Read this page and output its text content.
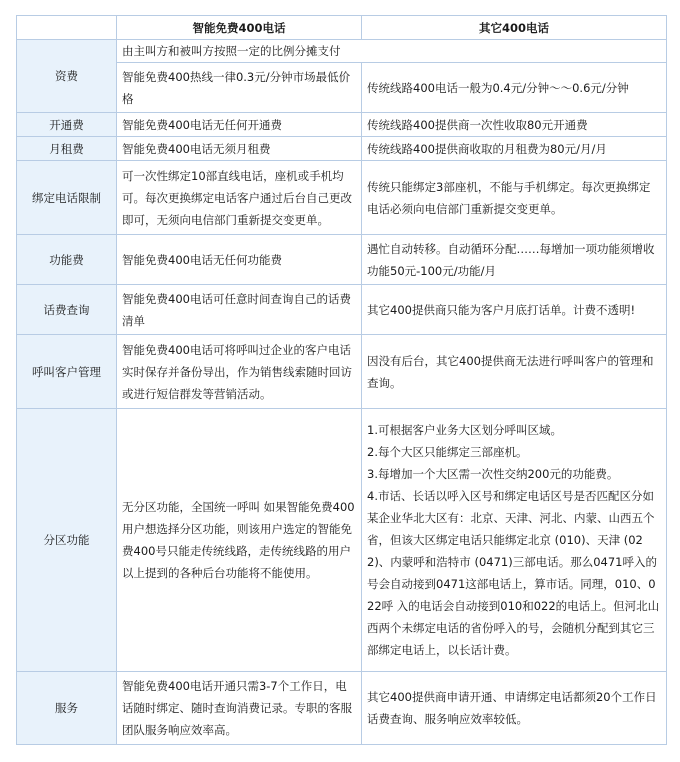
	智能免费400电话	其它400电话
资费	由主叫方和被叫方按照一定的比例分摊支付	
	智能免费400热线一律0.3元/分钟市场最低价格	传统线路400电话一般为0.4元/分钟～～0.6元/分钟
开通费	智能免费400电话无任何开通费	传统线路400提供商一次性收取80元开通费
月租费	智能免费400电话无须月租费	传统线路400提供商收取的月租费为80元/月/月
绑定电话限制	可一次性绑定10部直线电话，座机或手机均可。每次更换绑定电话客户通过后台自己更改即可，无须向电信部门重新提交变更单。	传统只能绑定3部座机，不能与手机绑定。每次更换绑定电话必须向电信部门重新提交变更单。
功能费	智能免费400电话无任何功能费	遇忙自动转移。自动循环分配……每增加一项功能须增收功能50元-100元/功能/月
话费查询	智能免费400电话可任意时间查询自己的话费清单	其它400提供商只能为客户月底打话单。计费不透明!
呼叫客户管理	智能免费400电话可将呼叫过企业的客户电话实时保存并备份导出，作为销售线索随时回访或进行短信群发等营销活动。	因没有后台，其它400提供商无法进行呼叫客户的管理和查询。
分区功能	无分区功能，全国统一呼叫 如果智能免费400用户想选择分区功能，则该用户选定的智能免费400号只能走传统线路，走传统线路的用户以上提到的各种后台功能将不能使用。	1.可根据客户业务大区划分呼叫区域。
2.每个大区只能绑定三部座机。
3.每增加一个大区需一次性交纳200元的功能费。
4.市话、长话以呼入区号和绑定电话区号是否匹配区分如某企业华北大区有：北京、天津、河北、内蒙、山西五个省，但该大区绑定电话只能绑定北京 (010)、天津 (022)、内蒙呼和浩特市 (0471)三部电话。那么0471呼入的号会自动接到0471这部电话上，算市话。同理，010、022呼 入的电话会自动接到010和022的电话上。但河北山西两个未绑定电话的省份呼入的号，会随机分配到其它三部绑定电话上，以长话计费。

服务	智能免费400电话开通只需3-7个工作日，电话随时绑定、随时查询消费记录。专职的客服团队服务响应效率高。	其它400提供商申请开通、申请绑定电话都须20个工作日话费查询、服务响应效率较低。
